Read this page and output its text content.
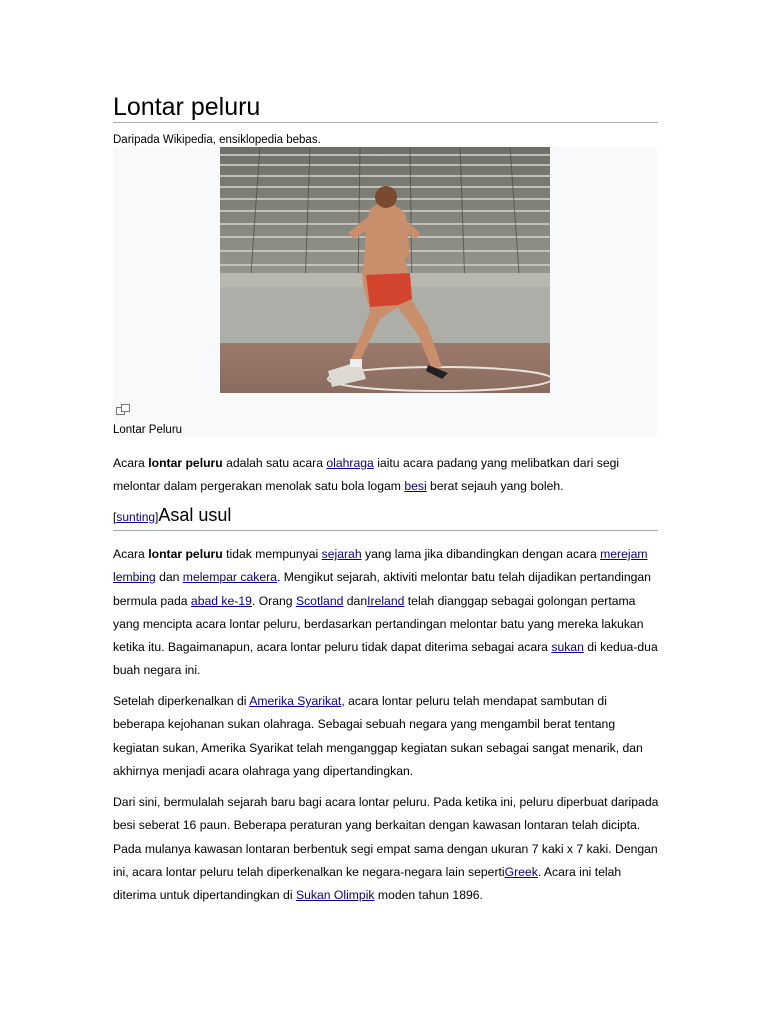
Lontar peluru
Daripada Wikipedia, ensiklopedia bebas.
Lontar Peluru

Acara lontar peluru adalah satu acara olahraga iaitu acara padang yang melibatkan dari segi melontar dalam pergerakan menolak satu bola logam besi berat sejauh yang boleh.

[sunting]Asal usul

Acara lontar peluru tidak mempunyai sejarah yang lama jika dibandingkan dengan acara merejam lembing dan melempar cakera. Mengikut sejarah, aktiviti melontar batu telah dijadikan pertandingan bermula pada abad ke-19. Orang Scotland danIreland telah dianggap sebagai golongan pertama yang mencipta acara lontar peluru, berdasarkan pertandingan melontar batu yang mereka lakukan ketika itu. Bagaimanapun, acara lontar peluru tidak dapat diterima sebagai acara sukan di kedua-dua buah negara ini.

Setelah diperkenalkan di Amerika Syarikat, acara lontar peluru telah mendapat sambutan di beberapa kejohanan sukan olahraga. Sebagai sebuah negara yang mengambil berat tentang kegiatan sukan, Amerika Syarikat telah menganggap kegiatan sukan sebagai sangat menarik, dan akhirnya menjadi acara olahraga yang dipertandingkan.

Dari sini, bermulalah sejarah baru bagi acara lontar peluru. Pada ketika ini, peluru diperbuat daripada besi seberat 16 paun. Beberapa peraturan yang berkaitan dengan kawasan lontaran telah dicipta. Pada mulanya kawasan lontaran berbentuk segi empat sama dengan ukuran 7 kaki x 7 kaki. Dengan ini, acara lontar peluru telah diperkenalkan ke negara-negara lain sepertiGreek. Acara ini telah diterima untuk dipertandingkan di Sukan Olimpik moden tahun 1896.
